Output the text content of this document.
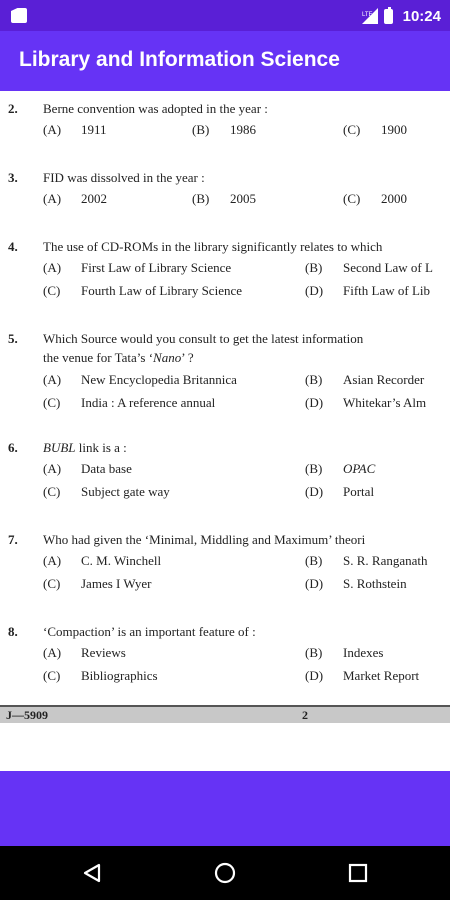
LTE 10:24
Library and Information Science
2. Berne convention was adopted in the year :
(A) 1911	(B) 1986	(C) 1900
3. FID was dissolved in the year :
(A) 2002	(B) 2005	(C) 2000
4. The use of CD-ROMs in the library significantly relates to which
(A) First Law of Library Science	(B) Second Law of L
(C) Fourth Law of Library Science	(D) Fifth Law of Lib
5. Which Source would you consult to get the latest information
the venue for Tata’s ‘Nano’ ?
(A) New Encyclopedia Britannica	(B) Asian Recorder
(C) India : A reference annual	(D) Whitekar’s Alm
6. BUBL link is a :
(A) Data base	(B) OPAC
(C) Subject gate way	(D) Portal
7. Who had given the ‘Minimal, Middling and Maximum’ theori
(A) C. M. Winchell	(B) S. R. Ranganath
(C) James I Wyer	(D) S. Rothstein
8. ‘Compaction’ is an important feature of :
(A) Reviews	(B) Indexes
(C) Bibliographics	(D) Market Report
J—5909	2
